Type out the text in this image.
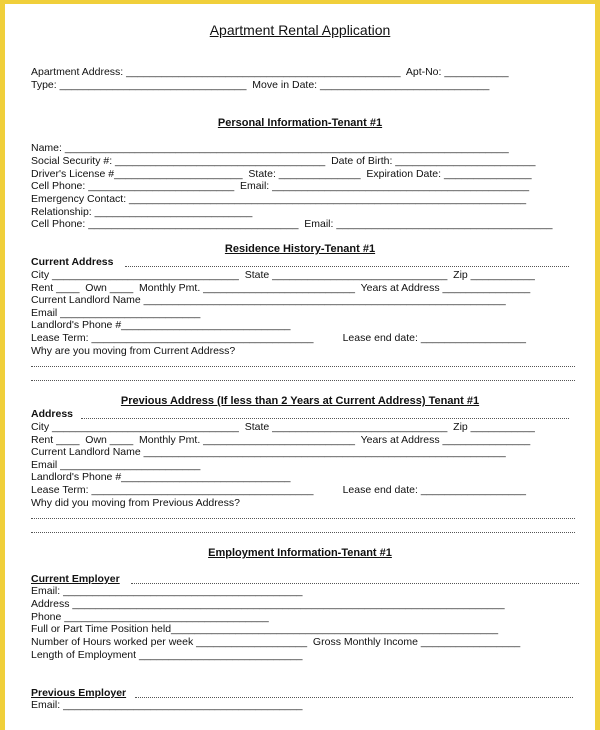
Apartment Rental Application
Apartment Address: _______________________________________________  Apt-No: ___________
Type: ________________________________  Move in Date: _____________________________
Personal Information-Tenant #1
Name: ____________________________________________________________________________
Social Security #: ____________________________________  Date of Birth: ________________________
Driver's License #______________________  State: ______________  Expiration Date: _______________
Cell Phone: _________________________  Email: ____________________________________________
Emergency Contact: ____________________________________________________________________
Relationship: ___________________________
Cell Phone: ____________________________________  Email: _____________________________________
Residence History-Tenant #1
Current Address
City ________________________________  State ______________________________  Zip ___________
Rent ____  Own ____  Monthly Pmt. __________________________  Years at Address _______________
Current Landlord Name ______________________________________________________________
Email ________________________
Landlord's Phone #_____________________________
Lease Term: ______________________________________          Lease end date: __________________
Why are you moving from Current Address?
Previous Address (If less than 2 Years at Current Address) Tenant #1
Address
City ________________________________  State ______________________________  Zip ___________
Rent ____  Own ____  Monthly Pmt. __________________________  Years at Address _______________
Current Landlord Name ______________________________________________________________
Email ________________________
Landlord's Phone #_____________________________
Lease Term: ______________________________________          Lease end date: __________________
Why did you moving from Previous Address?
Employment Information-Tenant #1
Current Employer
Email: _________________________________________
Address __________________________________________________________________________
Phone ___________________________________
Full or Part Time Position held________________________________________________________
Number of Hours worked per week ___________________  Gross Monthly Income _________________
Length of Employment ____________________________
Previous Employer
Email: _________________________________________
